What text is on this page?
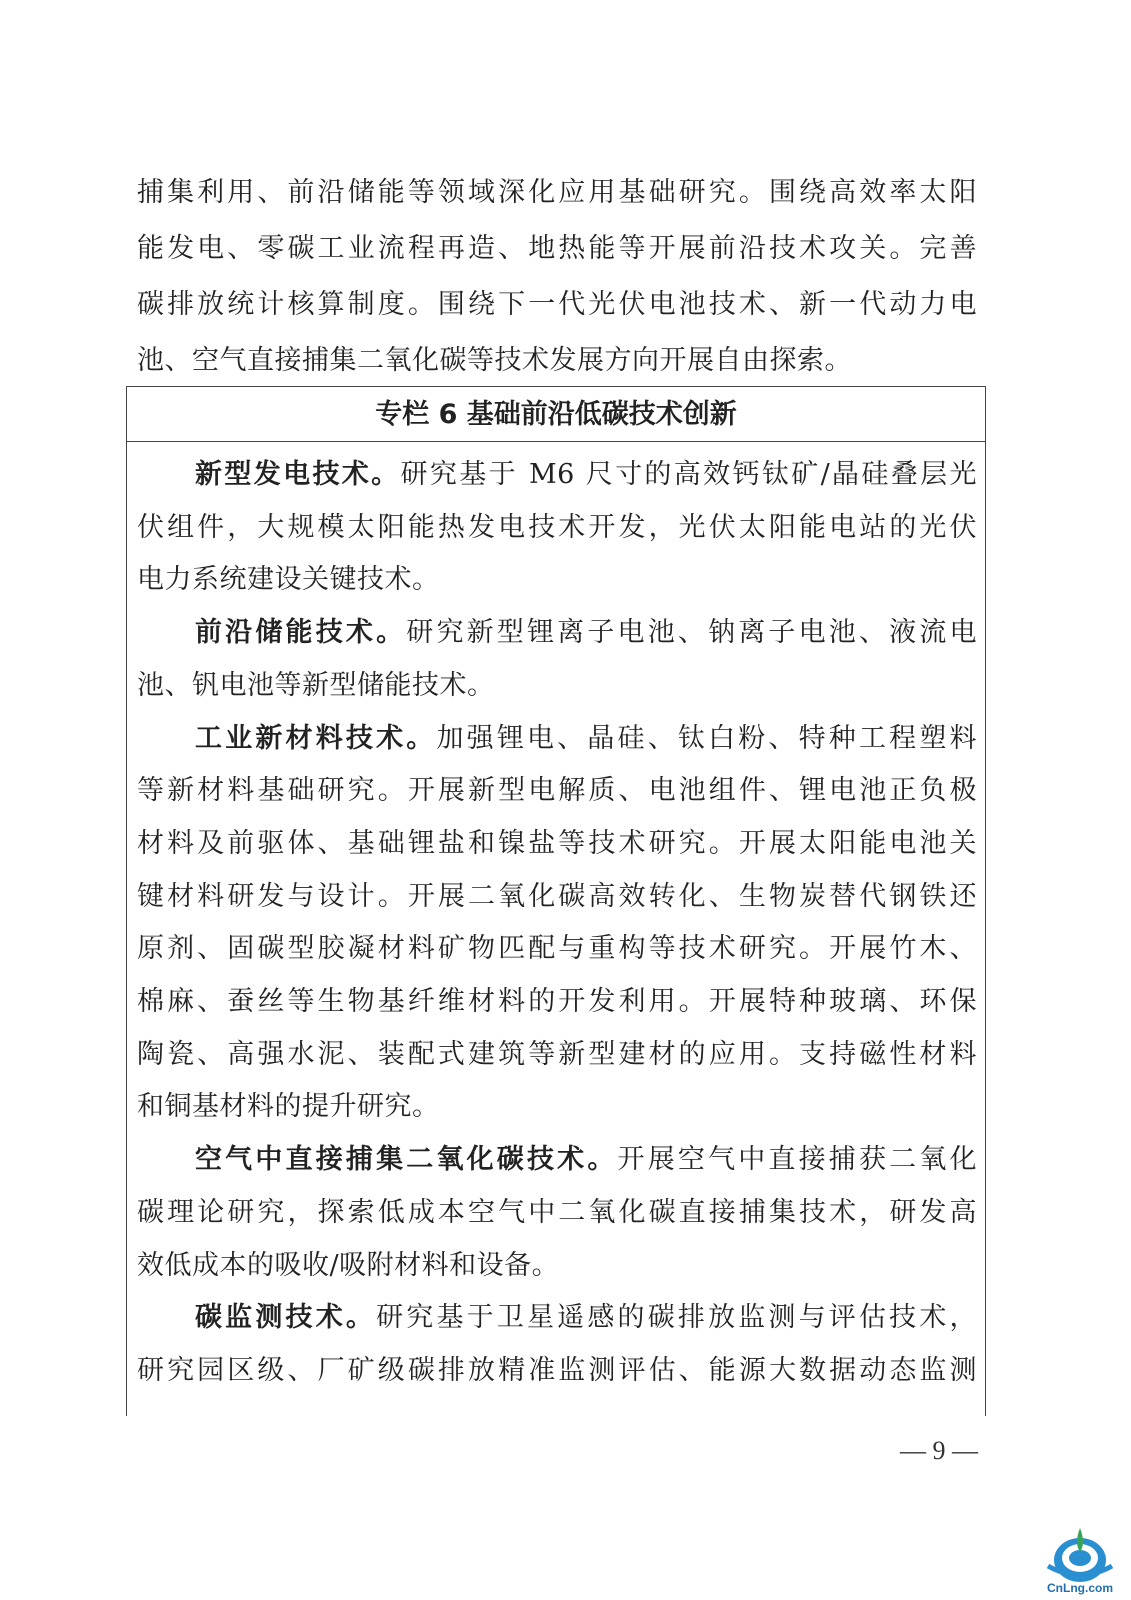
捕集利用、前沿储能等领域深化应用基础研究。围绕高效率太阳
能发电、零碳工业流程再造、地热能等开展前沿技术攻关。完善
碳排放统计核算制度。围绕下一代光伏电池技术、新一代动力电
池、空气直接捕集二氧化碳等技术发展方向开展自由探索。
专栏 6 基础前沿低碳技术创新
新型发电技术。研究基于 M6 尺寸的高效钙钛矿/晶硅叠层光
伏组件，大规模太阳能热发电技术开发，光伏太阳能电站的光伏
电力系统建设关键技术。
前沿储能技术。研究新型锂离子电池、钠离子电池、液流电
池、钒电池等新型储能技术。
工业新材料技术。加强锂电、晶硅、钛白粉、特种工程塑料
等新材料基础研究。开展新型电解质、电池组件、锂电池正负极
材料及前驱体、基础锂盐和镍盐等技术研究。开展太阳能电池关
键材料研发与设计。开展二氧化碳高效转化、生物炭替代钢铁还
原剂、固碳型胶凝材料矿物匹配与重构等技术研究。开展竹木、
棉麻、蚕丝等生物基纤维材料的开发利用。开展特种玻璃、环保
陶瓷、高强水泥、装配式建筑等新型建材的应用。支持磁性材料
和铜基材料的提升研究。
空气中直接捕集二氧化碳技术。开展空气中直接捕获二氧化
碳理论研究，探索低成本空气中二氧化碳直接捕集技术，研发高
效低成本的吸收/吸附材料和设备。
碳监测技术。研究基于卫星遥感的碳排放监测与评估技术，
研究园区级、厂矿级碳排放精准监测评估、能源大数据动态监测
— 9 —
CnLng.com
